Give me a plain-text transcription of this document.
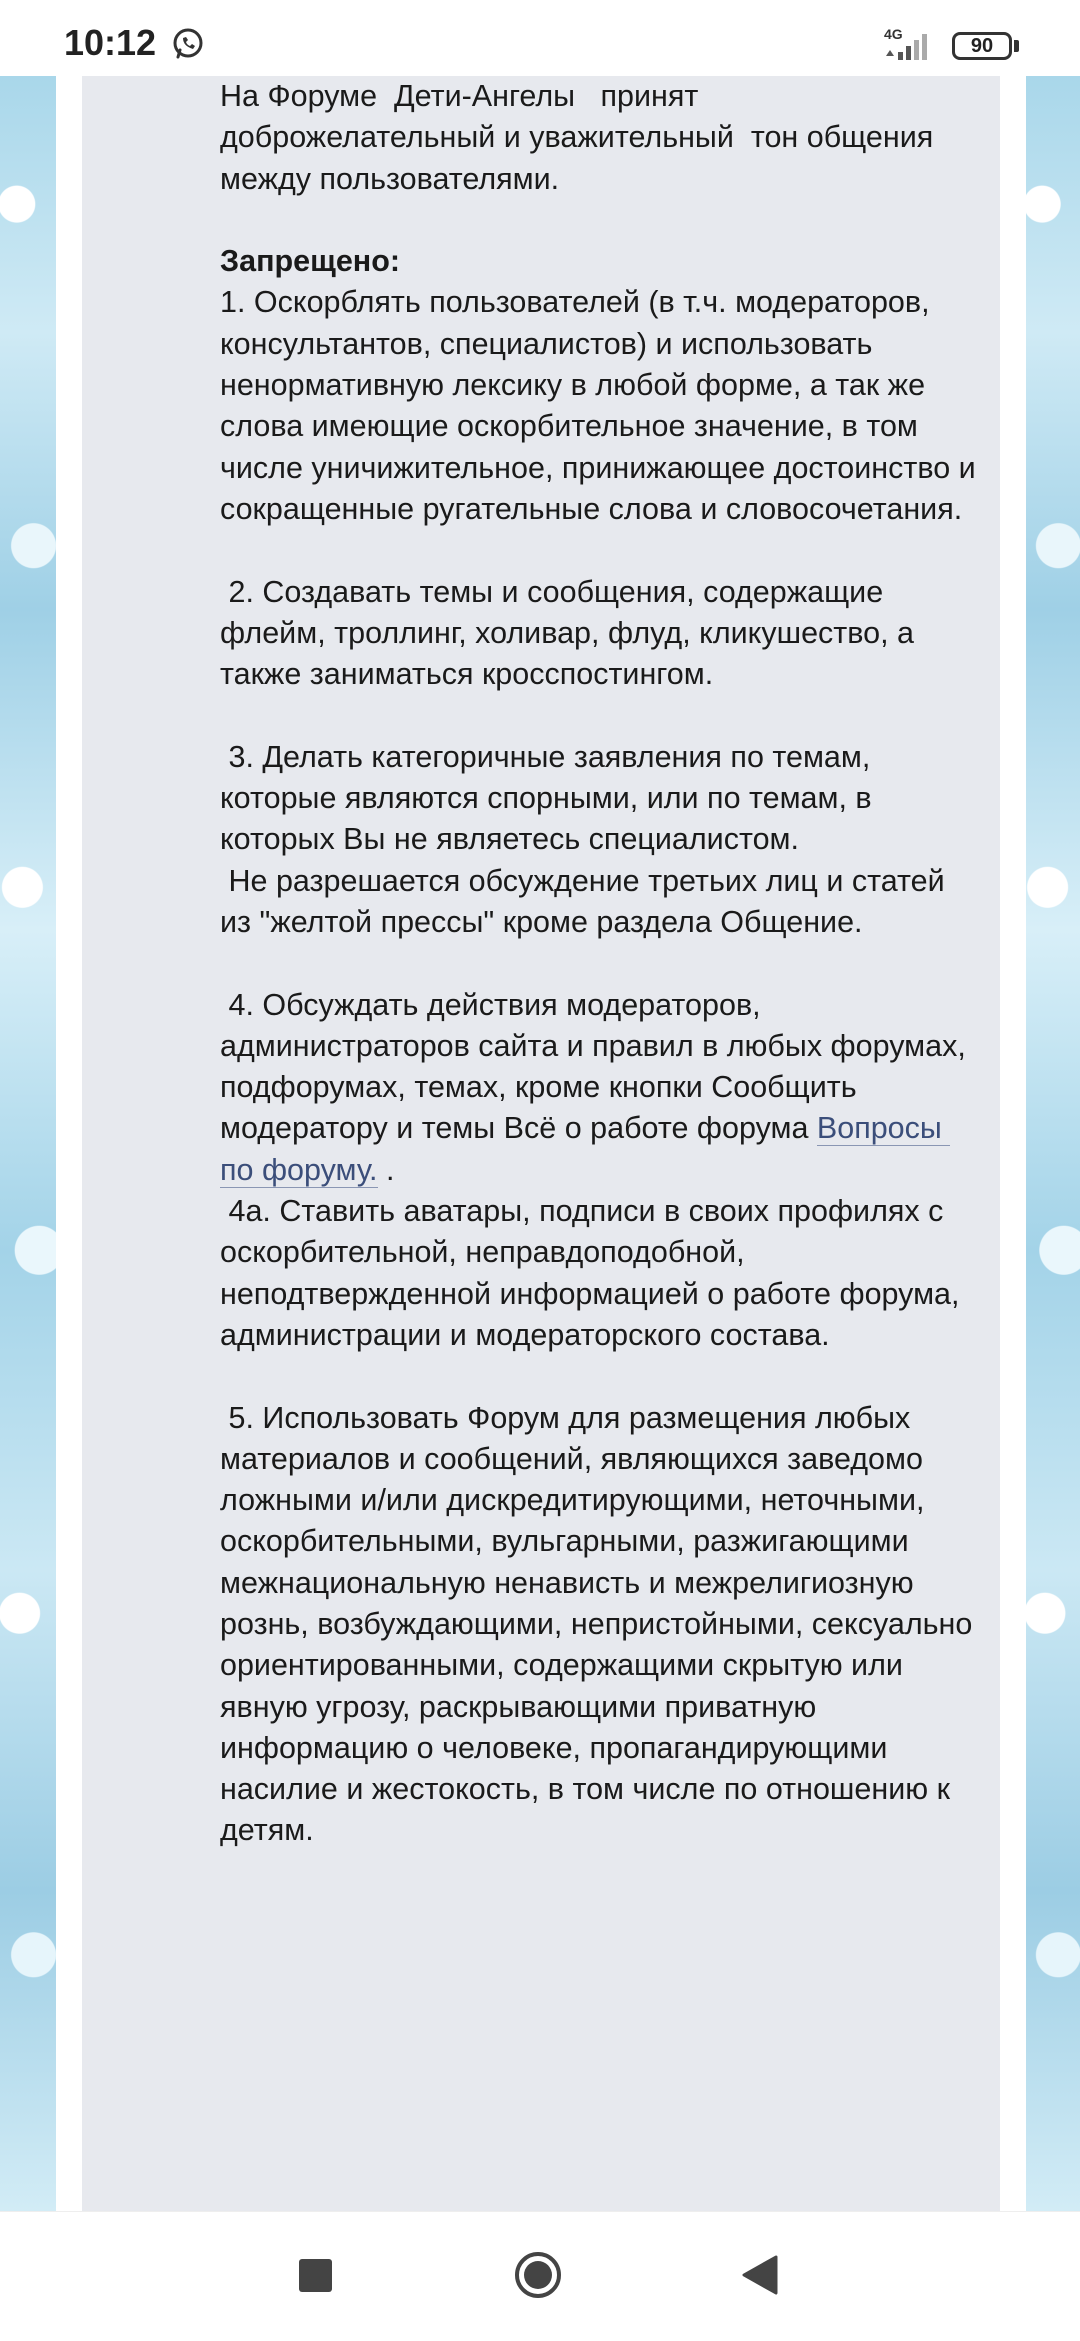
10:12	4G
90

На Форуме  Дети-Ангелы   принят доброжелательный и уважительный  тон общения между пользователями.

Запрещено:

1. Оскорблять пользователей (в т.ч. модераторов, консультантов, специалистов) и использовать ненормативную лексику в любой форме, а так же слова имеющие оскорбительное значение, в том числе уничижительное, принижающее достоинство и сокращенные ругательные слова и словосочетания.

2. Создавать темы и сообщения, содержащие флейм, троллинг, холивар, флуд, кликушество, а также заниматься кросспостингом.

3. Делать категоричные заявления по темам, которые являются спорными, или по темам, в которых Вы не являетесь специалистом.

Не разрешается обсуждение третьих лиц и статей из "желтой прессы" кроме раздела Общение.

4. Обсуждать действия модераторов, администраторов сайта и правил в любых форумах, подфорумах, темах, кроме кнопки Сообщить модератору и темы Всё о работе форума Вопросы по форуму. .

4а. Ставить аватары, подписи в своих профилях с оскорбительной, неправдоподобной, неподтвержденной информацией о работе форума, администрации и модераторского состава.

5. Использовать Форум для размещения любых материалов и сообщений, являющихся заведомо ложными и/или дискредитирующими, неточными, оскорбительными, вульгарными, разжигающими межнациональную ненависть и межрелигиозную рознь, возбуждающими, непристойными, сексуально ориентированными, содержащими скрытую или явную угрозу, раскрывающими приватную информацию о человеке, пропагандирующими насилие и жестокость, в том числе по отношению к детям.
